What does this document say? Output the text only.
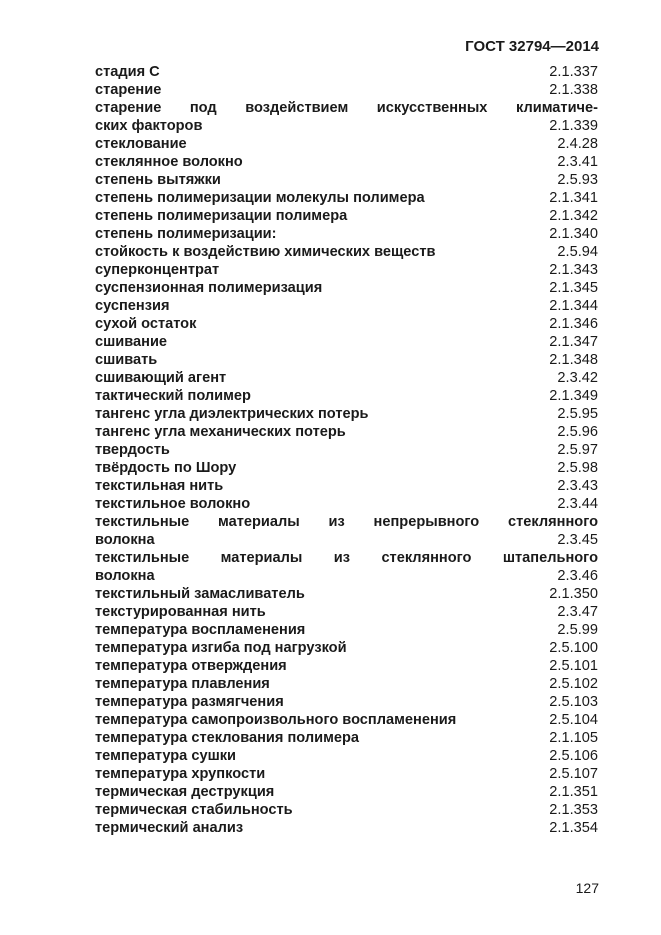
ГОСТ 32794—2014
стадия C	2.1.337
старение	2.1.338
старение под воздействием искусственных климатиче-
ских факторов	2.1.339
стеклование	2.4.28
стеклянное волокно	2.3.41
степень вытяжки	2.5.93
степень полимеризации молекулы полимера	2.1.341
степень полимеризации полимера	2.1.342
степень полимеризации:	2.1.340
стойкость к воздействию химических веществ	2.5.94
суперконцентрат	2.1.343
суспензионная полимеризация	2.1.345
суспензия	2.1.344
сухой остаток	2.1.346
сшивание	2.1.347
сшивать	2.1.348
сшивающий агент	2.3.42
тактический полимер	2.1.349
тангенс угла диэлектрических потерь	2.5.95
тангенс угла механических потерь	2.5.96
твердость	2.5.97
твёрдость по Шору	2.5.98
текстильная нить	2.3.43
текстильное волокно	2.3.44
текстильные материалы из непрерывного стеклянного
волокна	2.3.45
текстильные материалы из стеклянного штапельного
волокна	2.3.46
текстильный замасливатель	2.1.350
текстурированная нить	2.3.47
температура воспламенения	2.5.99
температура изгиба под нагрузкой	2.5.100
температура отверждения	2.5.101
температура плавления	2.5.102
температура размягчения	2.5.103
температура самопроизвольного воспламенения	2.5.104
температура стеклования полимера	2.1.105
температура сушки	2.5.106
температура хрупкости	2.5.107
термическая деструкция	2.1.351
термическая стабильность	2.1.353
термический анализ	2.1.354
127
